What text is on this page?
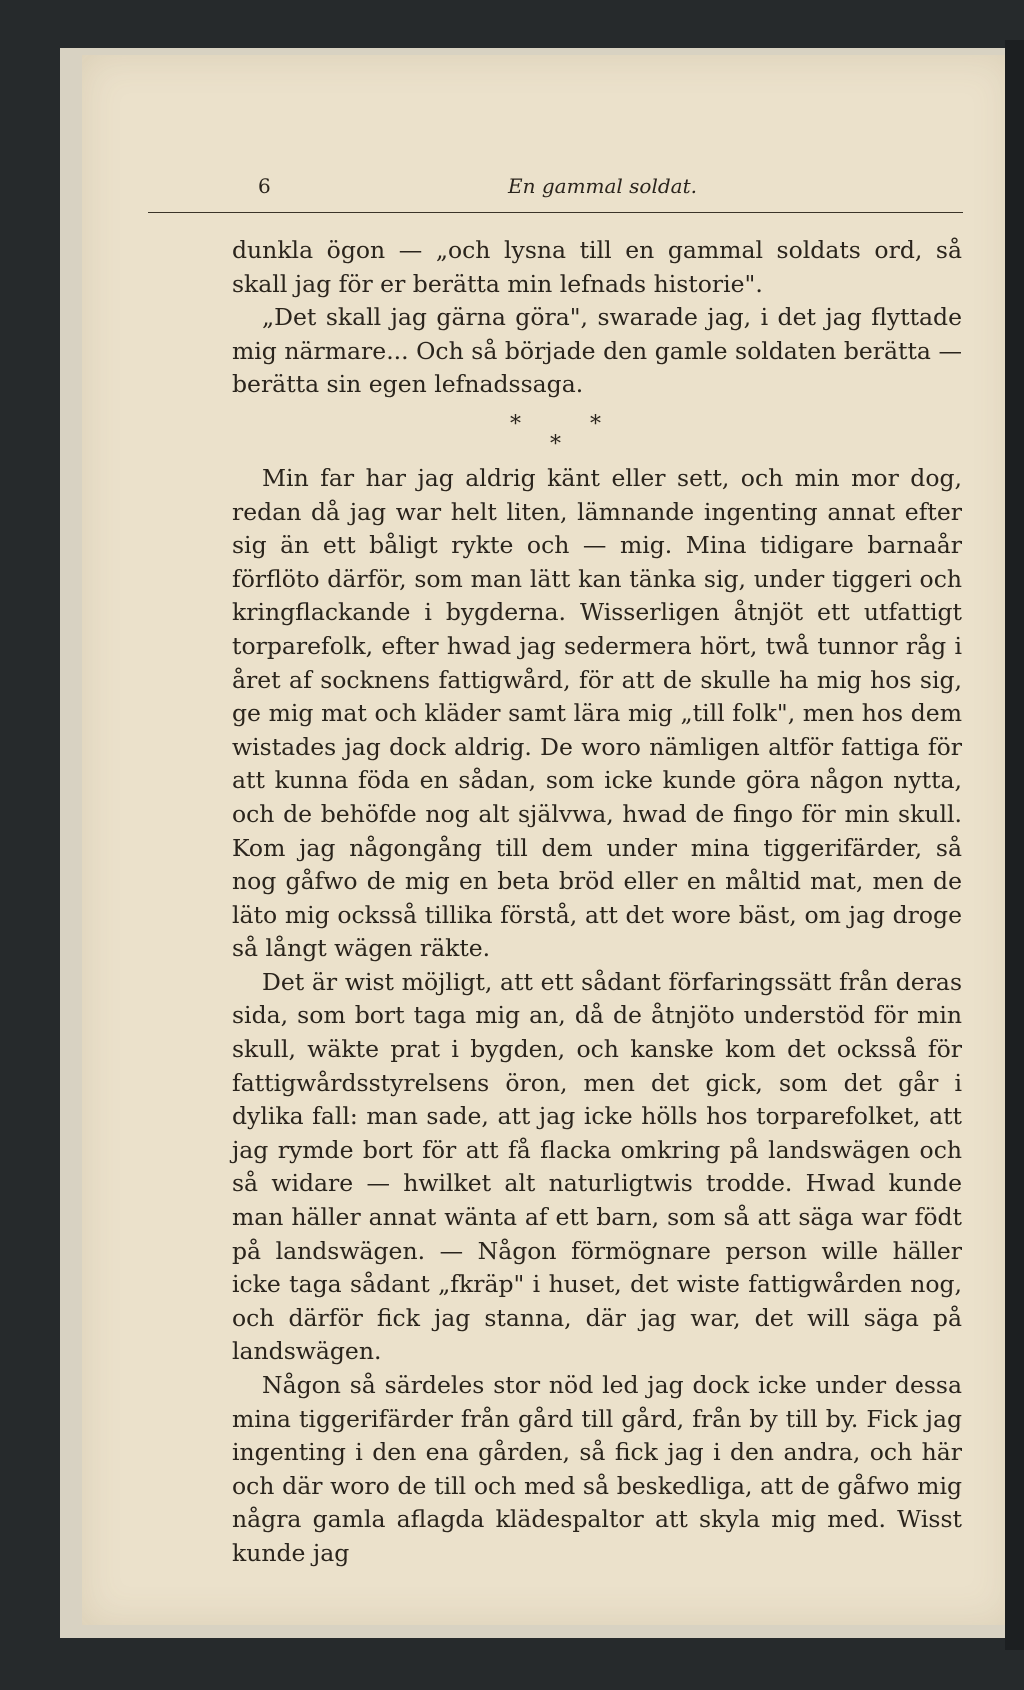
6	En gammal soldat.

dunkla ögon — „och lysna till en gammal soldats ord, så skall jag för er berätta min lefnads historie".

„Det skall jag gärna göra", swarade jag, i det jag flyttade mig närmare... Och så började den gamle soldaten berätta — berätta sin egen lefnadssaga.

*	*
*

Min far har jag aldrig känt eller sett, och min mor dog, redan då jag war helt liten, lämnande ingenting annat efter sig än ett båligt rykte och — mig. Mina tidigare barnaår förflöto därför, som man lätt kan tänka sig, under tiggeri och kringflackande i bygderna. Wisserligen åtnjöt ett utfattigt torparefolk, efter hwad jag sedermera hört, twå tunnor råg i året af socknens fattigwård, för att de skulle ha mig hos sig, ge mig mat och kläder samt lära mig „till folk", men hos dem wistades jag dock aldrig. De woro nämligen altför fattiga för att kunna föda en sådan, som icke kunde göra någon nytta, och de behöfde nog alt självwa, hwad de fingo för min skull. Kom jag någongång till dem under mina tiggerifärder, så nog gåfwo de mig en beta bröd eller en måltid mat, men de läto mig ocksså tillika förstå, att det wore bäst, om jag droge så långt wägen räkte.

Det är wist möjligt, att ett sådant förfaringssätt från deras sida, som bort taga mig an, då de åtnjöto understöd för min skull, wäkte prat i bygden, och kanske kom det ocksså för fattigwårdsstyrelsens öron, men det gick, som det går i dylika fall: man sade, att jag icke hölls hos torparefolket, att jag rymde bort för att få flacka omkring på landswägen och så widare — hwilket alt naturligtwis trodde. Hwad kunde man häller annat wänta af ett barn, som så att säga war födt på landswägen. — Någon förmögnare person wille häller icke taga sådant „fkräp" i huset, det wiste fattigwården nog, och därför fick jag stanna, där jag war, det will säga på landswägen.

Någon så särdeles stor nöd led jag dock icke under dessa mina tiggerifärder från gård till gård, från by till by. Fick jag ingenting i den ena gården, så fick jag i den andra, och här och där woro de till och med så beskedliga, att de gåfwo mig några gamla aflagda klädespaltor att skyla mig med. Wisst kunde jag
